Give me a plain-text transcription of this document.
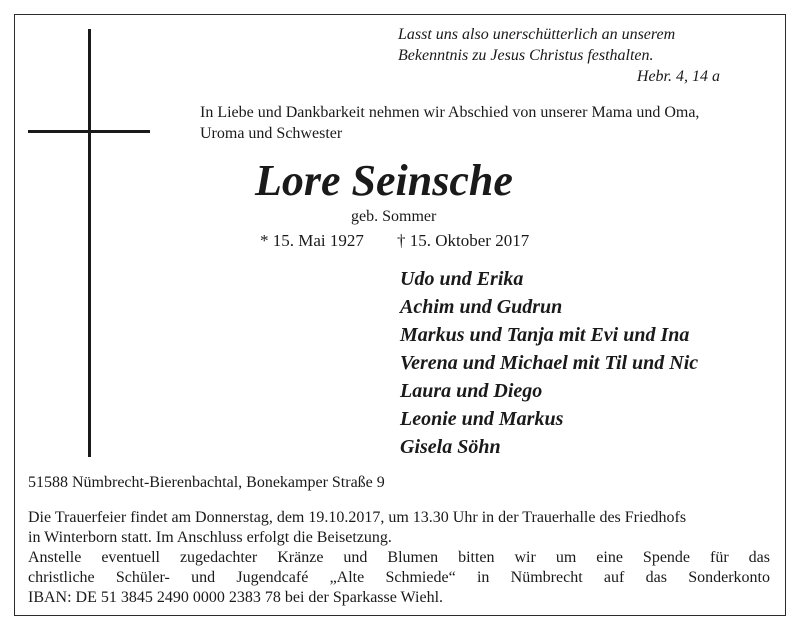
Lasst uns also unerschütterlich an unserem
Bekenntnis zu Jesus Christus festhalten.
Hebr. 4, 14 a
In Liebe und Dankbarkeit nehmen wir Abschied von unserer Mama und Oma,
Uroma und Schwester
Lore Seinsche
geb. Sommer
* 15. Mai 1927 † 15. Oktober 2017
Udo und Erika
Achim und Gudrun
Markus und Tanja mit Evi und Ina
Verena und Michael mit Til und Nic
Laura und Diego
Leonie und Markus
Gisela Söhn
51588 Nümbrecht-Bierenbachtal, Bonekamper Straße 9

Die Trauerfeier findet am Donnerstag, dem 19.10.2017, um 13.30 Uhr in der Trauerhalle des Friedhofs

in Winterborn statt. Im Anschluss erfolgt die Beisetzung.

Anstelle eventuell zugedachter Kränze und Blumen bitten wir um eine Spende für das

christliche Schüler- und Jugendcafé „Alte Schmiede“ in Nümbrecht auf das Sonderkonto

IBAN: DE 51 3845 2490 0000 2383 78 bei der Sparkasse Wiehl.
